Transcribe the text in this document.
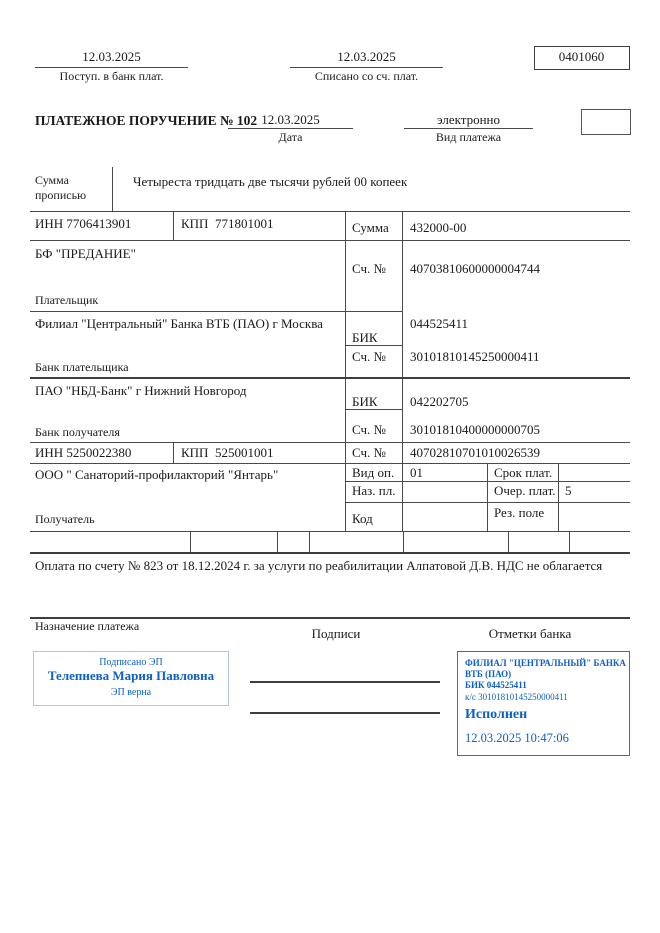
12.03.2025
Поступ. в банк плат.
12.03.2025
Списано со сч. плат.
0401060
ПЛАТЕЖНОЕ ПОРУЧЕНИЕ № 102 12.03.2025
Дата
электронно
Вид платежа
Сумма
прописью
Четыреста тридцать две тысячи рублей 00 копеек
ИНН 7706413901	КПП  771801001	Сумма 432000-00
БФ "ПРЕДАНИЕ"
Сч. № 40703810600000004744
Плательщик
Филиал "Центральный" Банка ВТБ (ПАО) г Москва	044525411
БИК
Сч. № 30101810145250000411
Банк плательщика
ПАО "НБД-Банк" г Нижний Новгород
БИК 042202705
Сч. № 30101810400000000705
Банк получателя
ИНН 5250022380	КПП  525001001	Сч. № 40702810701010026539
ООО " Санаторий-профилакторий "Янтарь"
Получатель
Вид оп. 01	Срок плат.
Наз. пл.	Очер. плат. 5
Код	Рез. поле
Оплата по счету № 823 от 18.12.2024 г. за услуги по реабилитации Алпатовой Д.В. НДС не облагается
Назначение платежа	Подписи	Отметки банка
Подписано ЭП
Телепнева Мария Павловна
ЭП верна
ФИЛИАЛ "ЦЕНТРАЛЬНЫЙ" БАНКА
ВТБ (ПАО)
БИК 044525411
к/с 30101810145250000411
Исполнен
12.03.2025 10:47:06
